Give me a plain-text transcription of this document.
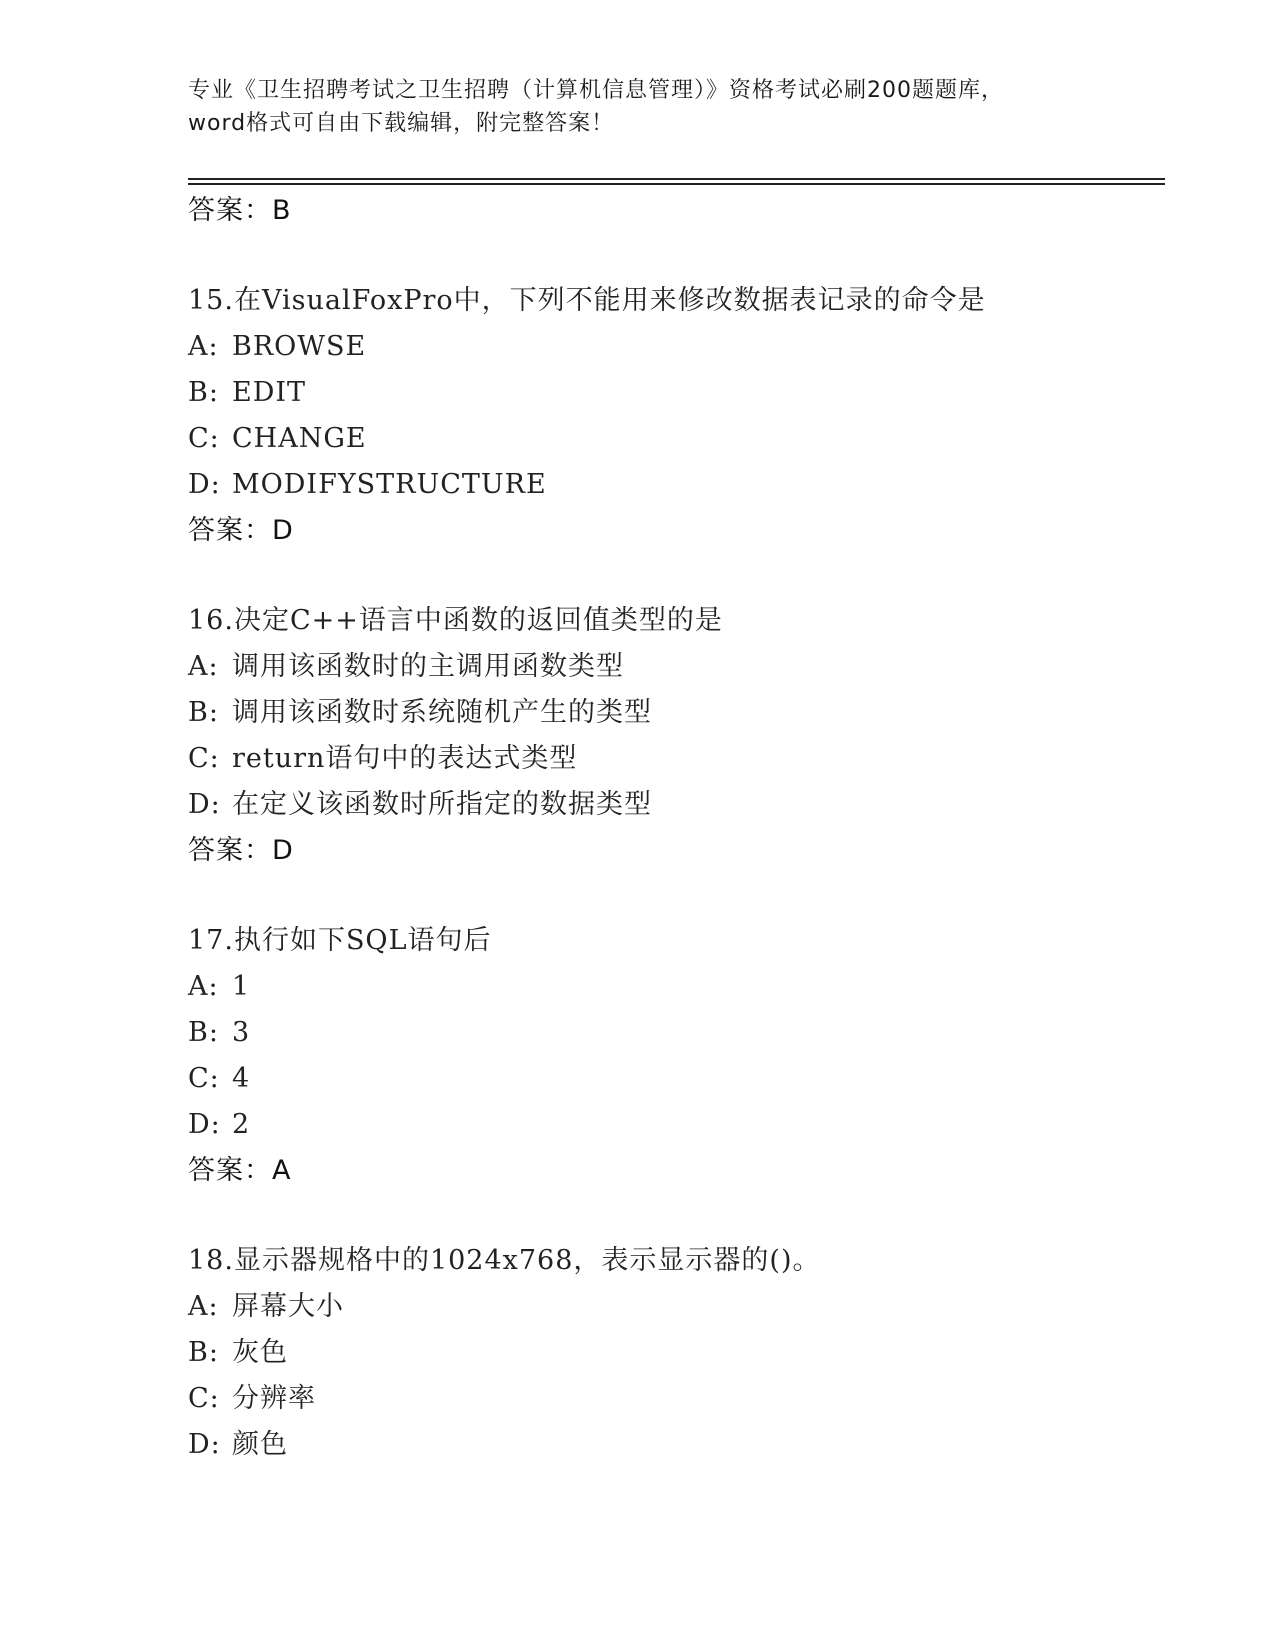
专业《卫生招聘考试之卫生招聘（计算机信息管理）》资格考试必刷200题题库，
word格式可自由下载编辑，附完整答案！
答案：B
15.在VisualFoxPro中，下列不能用来修改数据表记录的命令是
A: BROWSE
B: EDIT
C: CHANGE
D: MODIFYSTRUCTURE
答案：D
16.决定C++语言中函数的返回值类型的是
A: 调用该函数时的主调用函数类型
B: 调用该函数时系统随机产生的类型
C: return语句中的表达式类型
D: 在定义该函数时所指定的数据类型
答案：D
17.执行如下SQL语句后
A: 1
B: 3
C: 4
D: 2
答案：A
18.显示器规格中的1024x768，表示显示器的()。
A: 屏幕大小
B: 灰色
C: 分辨率
D: 颜色
